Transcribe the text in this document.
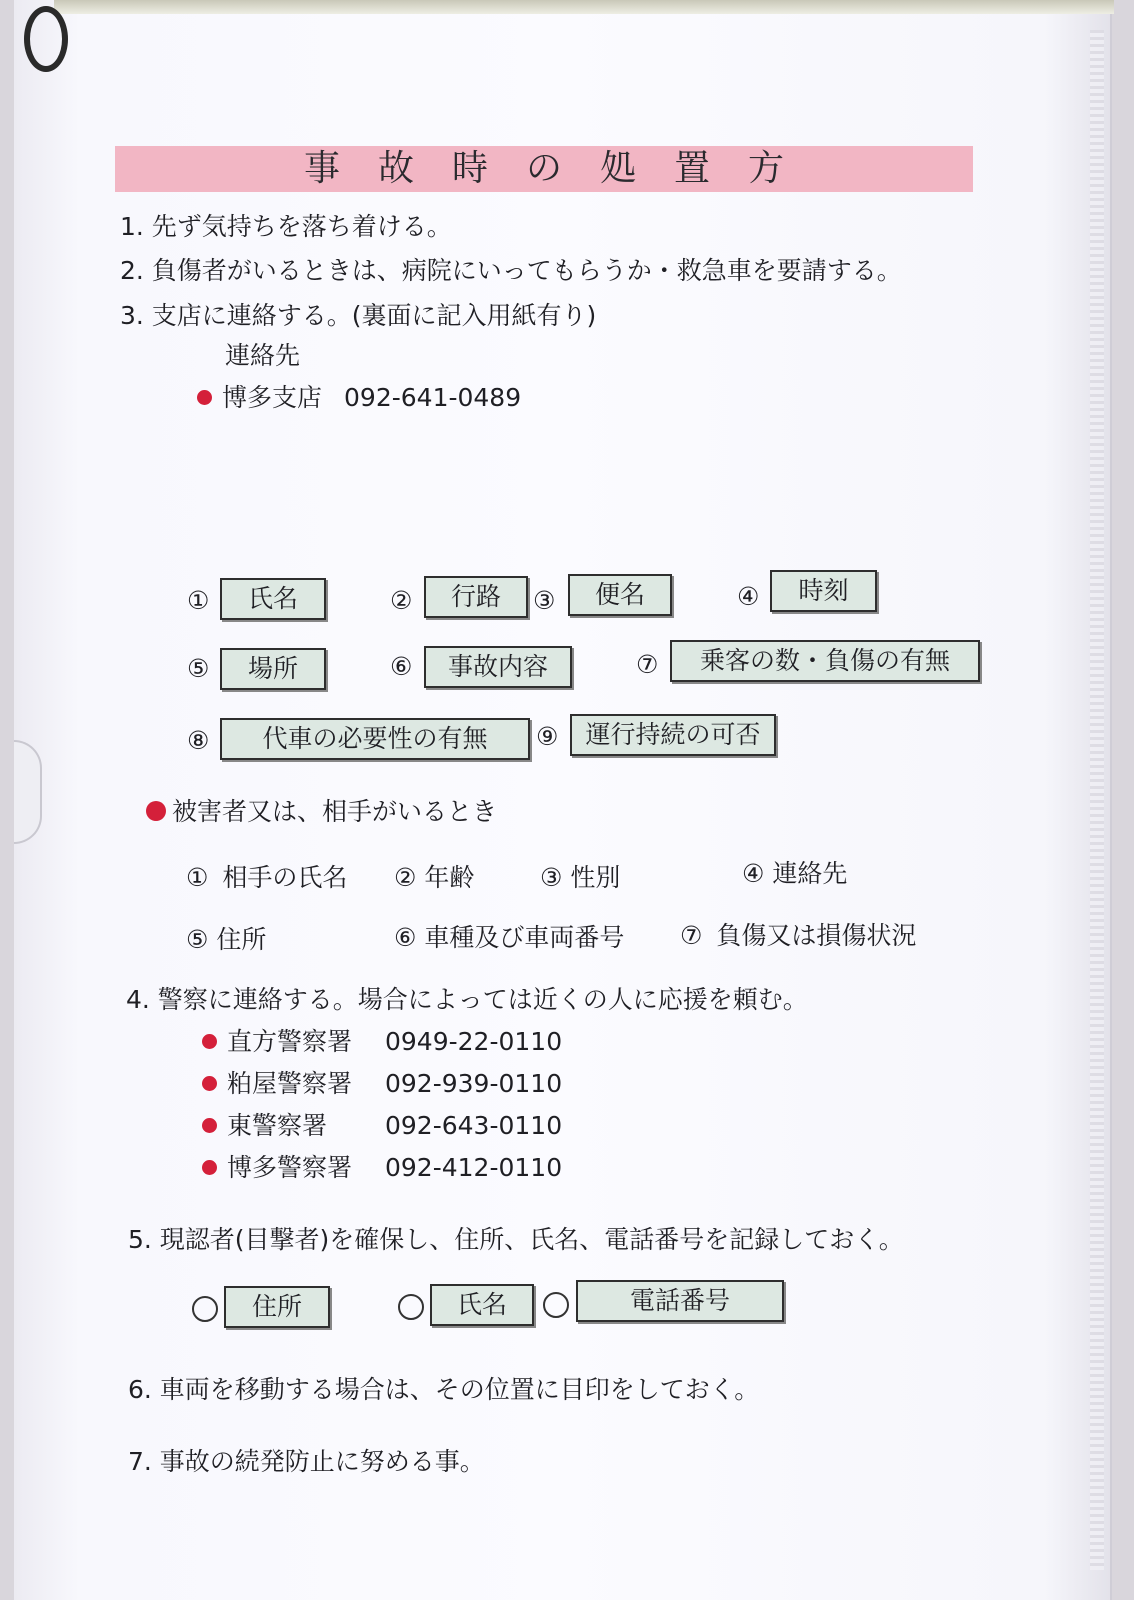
事故時の処置方
1. 先ず気持ちを落ち着ける。
2. 負傷者がいるときは、病院にいってもらうか・救急車を要請する。
3. 支店に連絡する。(裏面に記入用紙有り)
連絡先
博多支店 092-641-0489
①	氏名	②	行路	③	便名	④	時刻
⑤	場所	⑥	事故内容	⑦	乗客の数・負傷の有無
⑧	代車の必要性の有無	⑨	運行持続の可否
被害者又は、相手がいるとき
① 相手の氏名 ② 年齢	③ 性別	④ 連絡先
⑤ 住所	⑥ 車種及び車両番号 ⑦ 負傷又は損傷状況
4. 警察に連絡する。場合によっては近くの人に応援を頼む。
直方警察署 0949-22-0110
粕屋警察署 092-939-0110
東警察署 092-643-0110
博多警察署 092-412-0110
5. 現認者(目撃者)を確保し、住所、氏名、電話番号を記録しておく。
住所	氏名	電話番号
6. 車両を移動する場合は、その位置に目印をしておく。
7. 事故の続発防止に努める事。
